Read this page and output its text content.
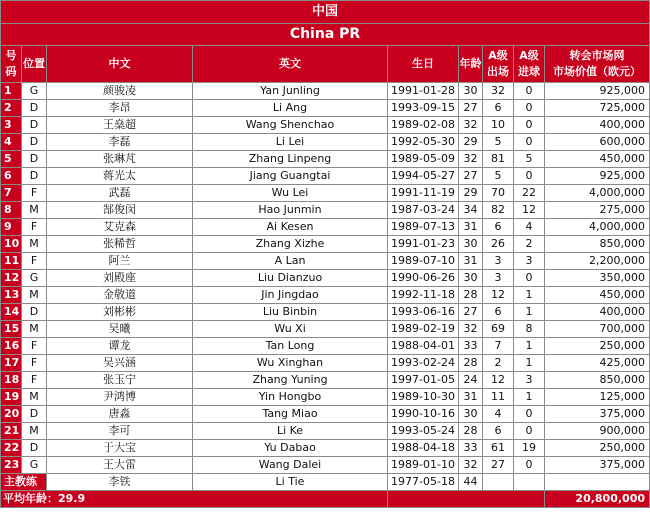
中国								
China PR								
号码	位置	中文	英文	生日	年龄	A级出场	A级进球	转会市场网
市场价值（欧元）

1	G	颜骏凌	Yan Junling	1991-01-28	30	32	0	925,000
2	D	李昂	Li Ang	1993-09-15	27	6	0	725,000
3	D	王燊超	Wang Shenchao	1989-02-08	32	10	0	400,000
4	D	李磊	Li Lei	1992-05-30	29	5	0	600,000
5	D	张琳芃	Zhang Linpeng	1989-05-09	32	81	5	450,000
6	D	蒋光太	Jiang Guangtai	1994-05-27	27	5	0	925,000
7	F	武磊	Wu Lei	1991-11-19	29	70	22	4,000,000
8	M	郜俊闵	Hao Junmin	1987-03-24	34	82	12	275,000
9	F	艾克森	Ai Kesen	1989-07-13	31	6	4	4,000,000
10	M	张稀哲	Zhang Xizhe	1991-01-23	30	26	2	850,000
11	F	阿兰	A Lan	1989-07-10	31	3	3	2,200,000
12	G	刘殿座	Liu Dianzuo	1990-06-26	30	3	0	350,000
13	M	金敬道	Jin Jingdao	1992-11-18	28	12	1	450,000
14	D	刘彬彬	Liu Binbin	1993-06-16	27	6	1	400,000
15	M	吴曦	Wu Xi	1989-02-19	32	69	8	700,000
16	F	谭龙	Tan Long	1988-04-01	33	7	1	250,000
17	F	吴兴涵	Wu Xinghan	1993-02-24	28	2	1	425,000
18	F	张玉宁	Zhang Yuning	1997-01-05	24	12	3	850,000
19	M	尹鸿博	Yin Hongbo	1989-10-30	31	11	1	125,000
20	D	唐淼	Tang Miao	1990-10-16	30	4	0	375,000
21	M	李可	Li Ke	1993-05-24	28	6	0	900,000
22	D	于大宝	Yu Dabao	1988-04-18	33	61	19	250,000
23	G	王大雷	Wang Dalei	1989-01-10	32	27	0	375,000
主教练		李铁	Li Tie	1977-05-18	44			
平均年龄：29.9								20,800,000
@Asaikana
